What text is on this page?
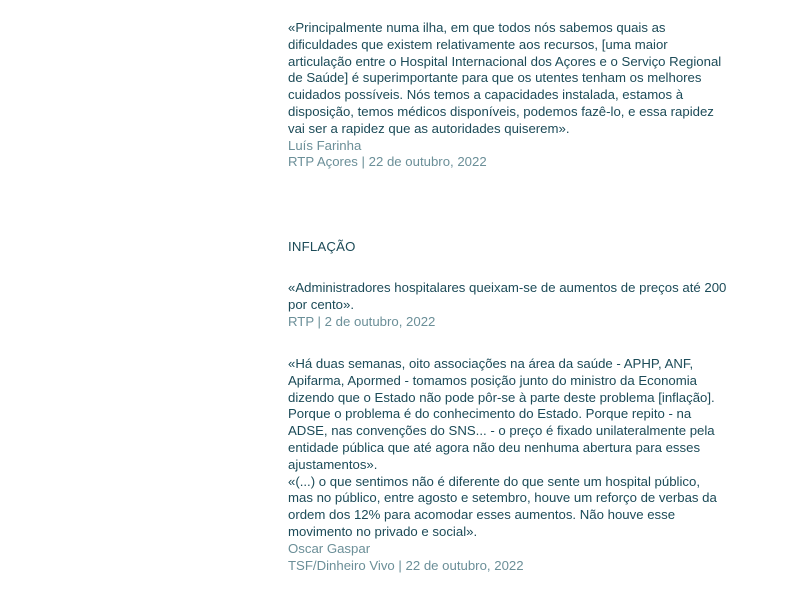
«Principalmente numa ilha, em que todos nós sabemos quais as dificuldades que existem relativamente aos recursos, [uma maior articulação entre o Hospital Internacional dos Açores e o Serviço Regional de Saúde] é superimportante para que os utentes tenham os melhores cuidados possíveis. Nós temos a capacidades instalada, estamos à disposição, temos médicos disponíveis, podemos fazê-lo, e essa rapidez vai ser a rapidez que as autoridades quiserem».

Luís Farinha

RTP Açores | 22 de outubro, 2022

INFLAÇÃO

«Administradores hospitalares queixam-se de aumentos de preços até 200 por cento».

RTP | 2 de outubro, 2022

«Há duas semanas, oito associações na área da saúde - APHP, ANF, Apifarma, Apormed - tomamos posição junto do ministro da Economia dizendo que o Estado não pode pôr-se à parte deste problema [inflação]. Porque o problema é do conhecimento do Estado. Porque repito - na ADSE, nas convenções do SNS... - o preço é fixado unilateralmente pela entidade pública que até agora não deu nenhuma abertura para esses ajustamentos».

«(...) o que sentimos não é diferente do que sente um hospital público, mas no público, entre agosto e setembro, houve um reforço de verbas da ordem dos 12% para acomodar esses aumentos. Não houve esse movimento no privado e social».

Oscar Gaspar

TSF/Dinheiro Vivo | 22 de outubro, 2022
